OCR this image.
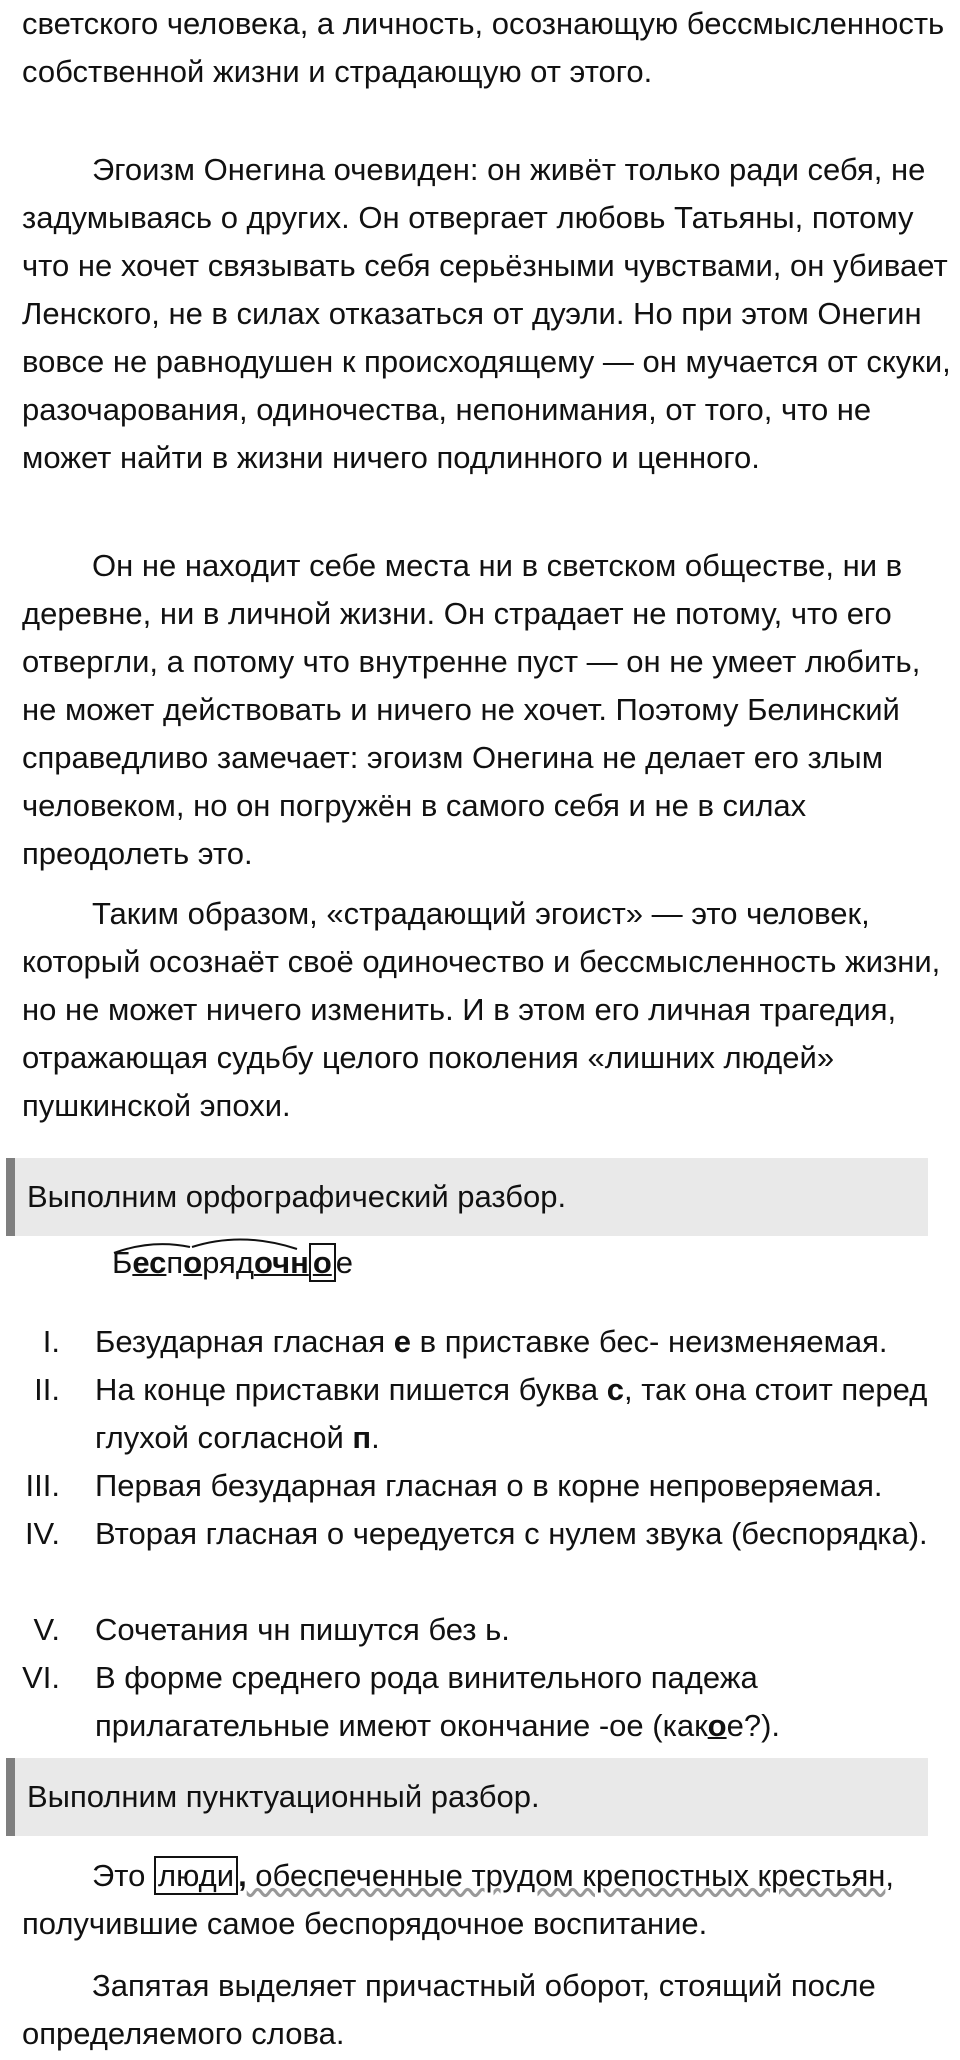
светского человека, а личность, осознающую бессмысленность собственной жизни и страдающую от этого.

Эгоизм Онегина очевиден: он живёт только ради себя, не задумываясь о других. Он отвергает любовь Татьяны, потому что не хочет связывать себя серьёзными чувствами, он убивает Ленского, не в силах отказаться от дуэли. Но при этом Онегин вовсе не равнодушен к происходящему — он мучается от скуки, разочарования, одиночества, непонимания, от того, что не может найти в жизни ничего подлинного и ценного.

Он не находит себе места ни в светском обществе, ни в деревне, ни в личной жизни. Он страдает не потому, что его отвергли, а потому что внутренне пуст — он не умеет любить, не может действовать и ничего не хочет. Поэтому Белинский справедливо замечает: эгоизм Онегина не делает его злым человеком, но он погружён в самого себя и не в силах преодолеть это.

Таким образом, «страдающий эгоист» — это человек, который осознаёт своё одиночество и бессмысленность жизни, но не может ничего изменить. И в этом его личная трагедия, отражающая судьбу целого поколения «лишних людей» пушкинской эпохи.

Выполним орфографический разбор.
Беспорядочн о е
I. Безударная гласная е в приставке бес- неизменяемая.
II. На конце приставки пишется буква с, так она стоит перед глухой согласной п.
III. Первая безударная гласная о в корне непроверяемая.
IV. Вторая гласная о чередуется с нулем звука (беспорядка).
V. Сочетания чн пишутся без ь.
VI. В форме среднего рода винительного падежа прилагательные имеют окончание -ое (какое?).
Выполним пунктуационный разбор.

Это люди , обеспеченные трудом крепостных крестьян, получившие самое беспорядочное воспитание.

Запятая выделяет причастный оборот, стоящий после определяемого слова.
